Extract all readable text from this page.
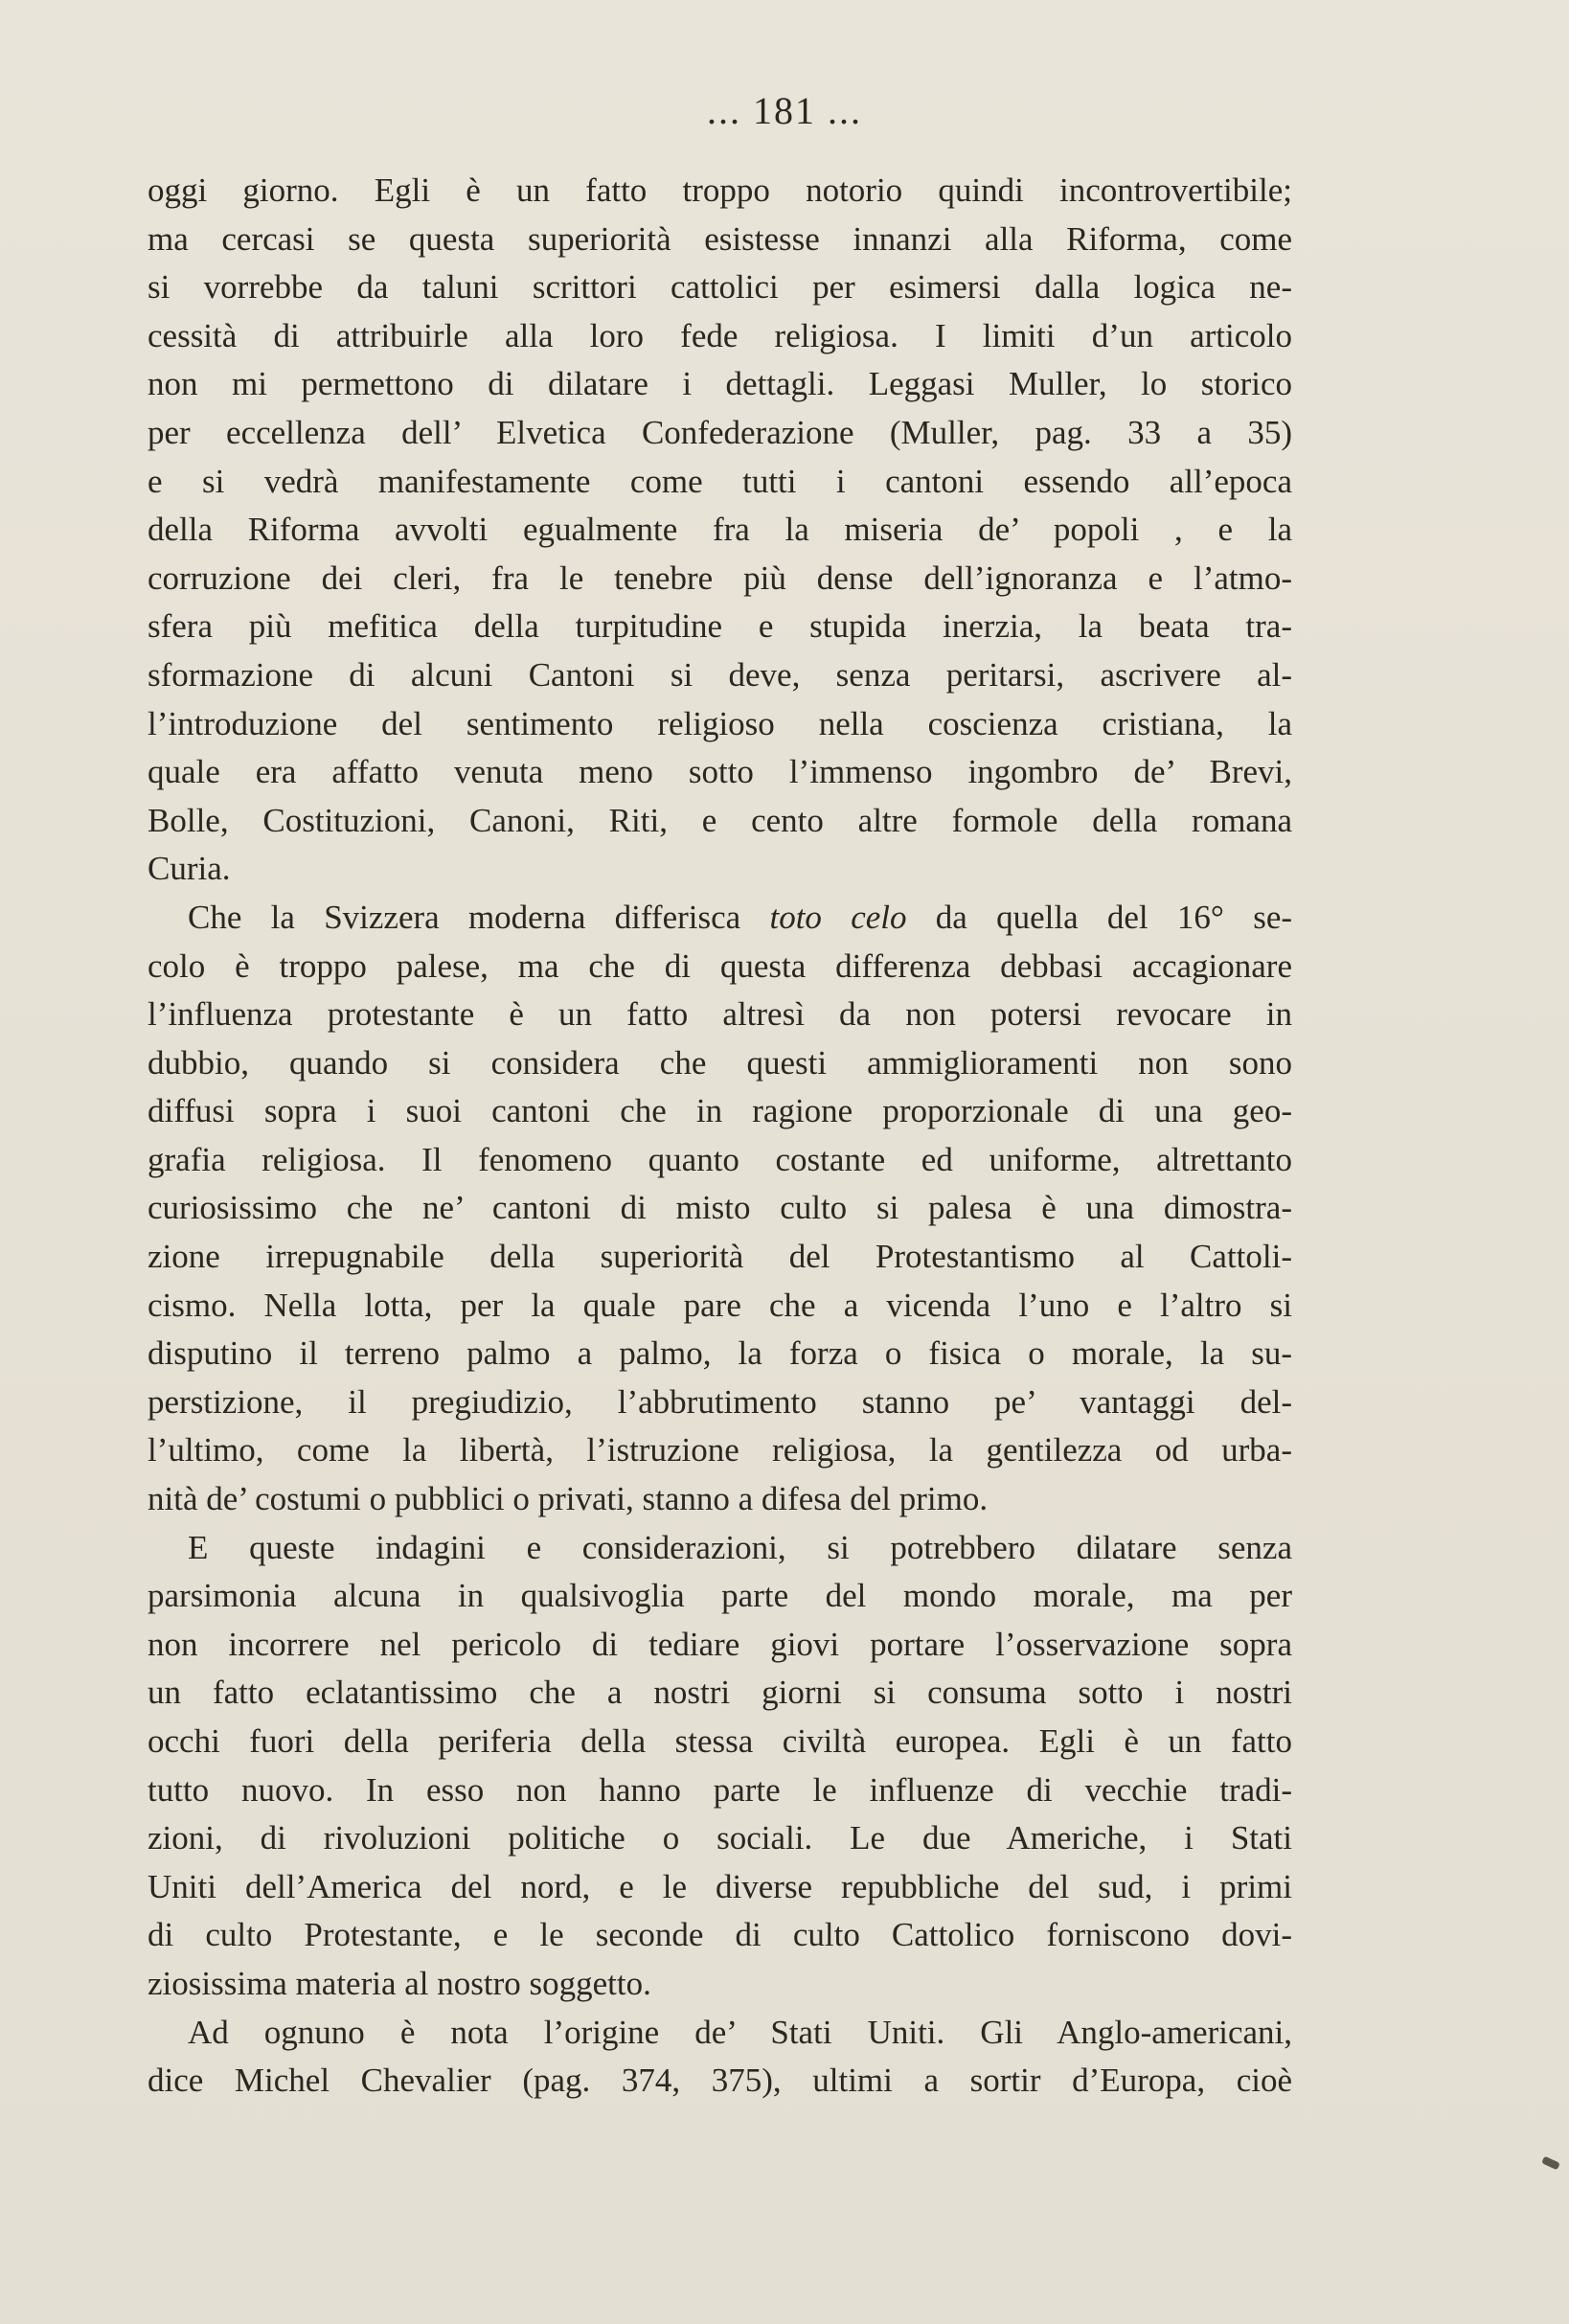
... 181 ...
oggi giorno. Egli è un fatto troppo notorio quindi incontrovertibile;
ma cercasi se questa superiorità esistesse innanzi alla Riforma, come
si vorrebbe da taluni scrittori cattolici per esimersi dalla logica ne-
cessità di attribuirle alla loro fede religiosa. I limiti d’un articolo
non mi permettono di dilatare i dettagli. Leggasi Muller, lo storico
per eccellenza dell’ Elvetica Confederazione (Muller, pag. 33 a 35)
e si vedrà manifestamente come tutti i cantoni essendo all’epoca
della Riforma avvolti egualmente fra la miseria de’ popoli , e la
corruzione dei cleri, fra le tenebre più dense dell’ignoranza e l’atmo-
sfera più mefitica della turpitudine e stupida inerzia, la beata tra-
sformazione di alcuni Cantoni si deve, senza peritarsi, ascrivere al-
l’introduzione del sentimento religioso nella coscienza cristiana, la
quale era affatto venuta meno sotto l’immenso ingombro de’ Brevi,
Bolle, Costituzioni, Canoni, Riti, e cento altre formole della romana
Curia.
Che la Svizzera moderna differisca toto celo da quella del 16° se-
colo è troppo palese, ma che di questa differenza debbasi accagionare
l’influenza protestante è un fatto altresì da non potersi revocare in
dubbio, quando si considera che questi ammiglioramenti non sono
diffusi sopra i suoi cantoni che in ragione proporzionale di una geo-
grafia religiosa. Il fenomeno quanto costante ed uniforme, altrettanto
curiosissimo che ne’ cantoni di misto culto si palesa è una dimostra-
zione irrepugnabile della superiorità del Protestantismo al Cattoli-
cismo. Nella lotta, per la quale pare che a vicenda l’uno e l’altro si
disputino il terreno palmo a palmo, la forza o fisica o morale, la su-
perstizione, il pregiudizio, l’abbrutimento stanno pe’ vantaggi del-
l’ultimo, come la libertà, l’istruzione religiosa, la gentilezza od urba-
nità de’ costumi o pubblici o privati, stanno a difesa del primo.
E queste indagini e considerazioni, si potrebbero dilatare senza
parsimonia alcuna in qualsivoglia parte del mondo morale, ma per
non incorrere nel pericolo di tediare giovi portare l’osservazione sopra
un fatto eclatantissimo che a nostri giorni si consuma sotto i nostri
occhi fuori della periferia della stessa civiltà europea. Egli è un fatto
tutto nuovo. In esso non hanno parte le influenze di vecchie tradi-
zioni, di rivoluzioni politiche o sociali. Le due Americhe, i Stati
Uniti dell’America del nord, e le diverse repubbliche del sud, i primi
di culto Protestante, e le seconde di culto Cattolico forniscono dovi-
ziosissima materia al nostro soggetto.
Ad ognuno è nota l’origine de’ Stati Uniti. Gli Anglo-americani,
dice Michel Chevalier (pag. 374, 375), ultimi a sortir d’Europa, cioè
